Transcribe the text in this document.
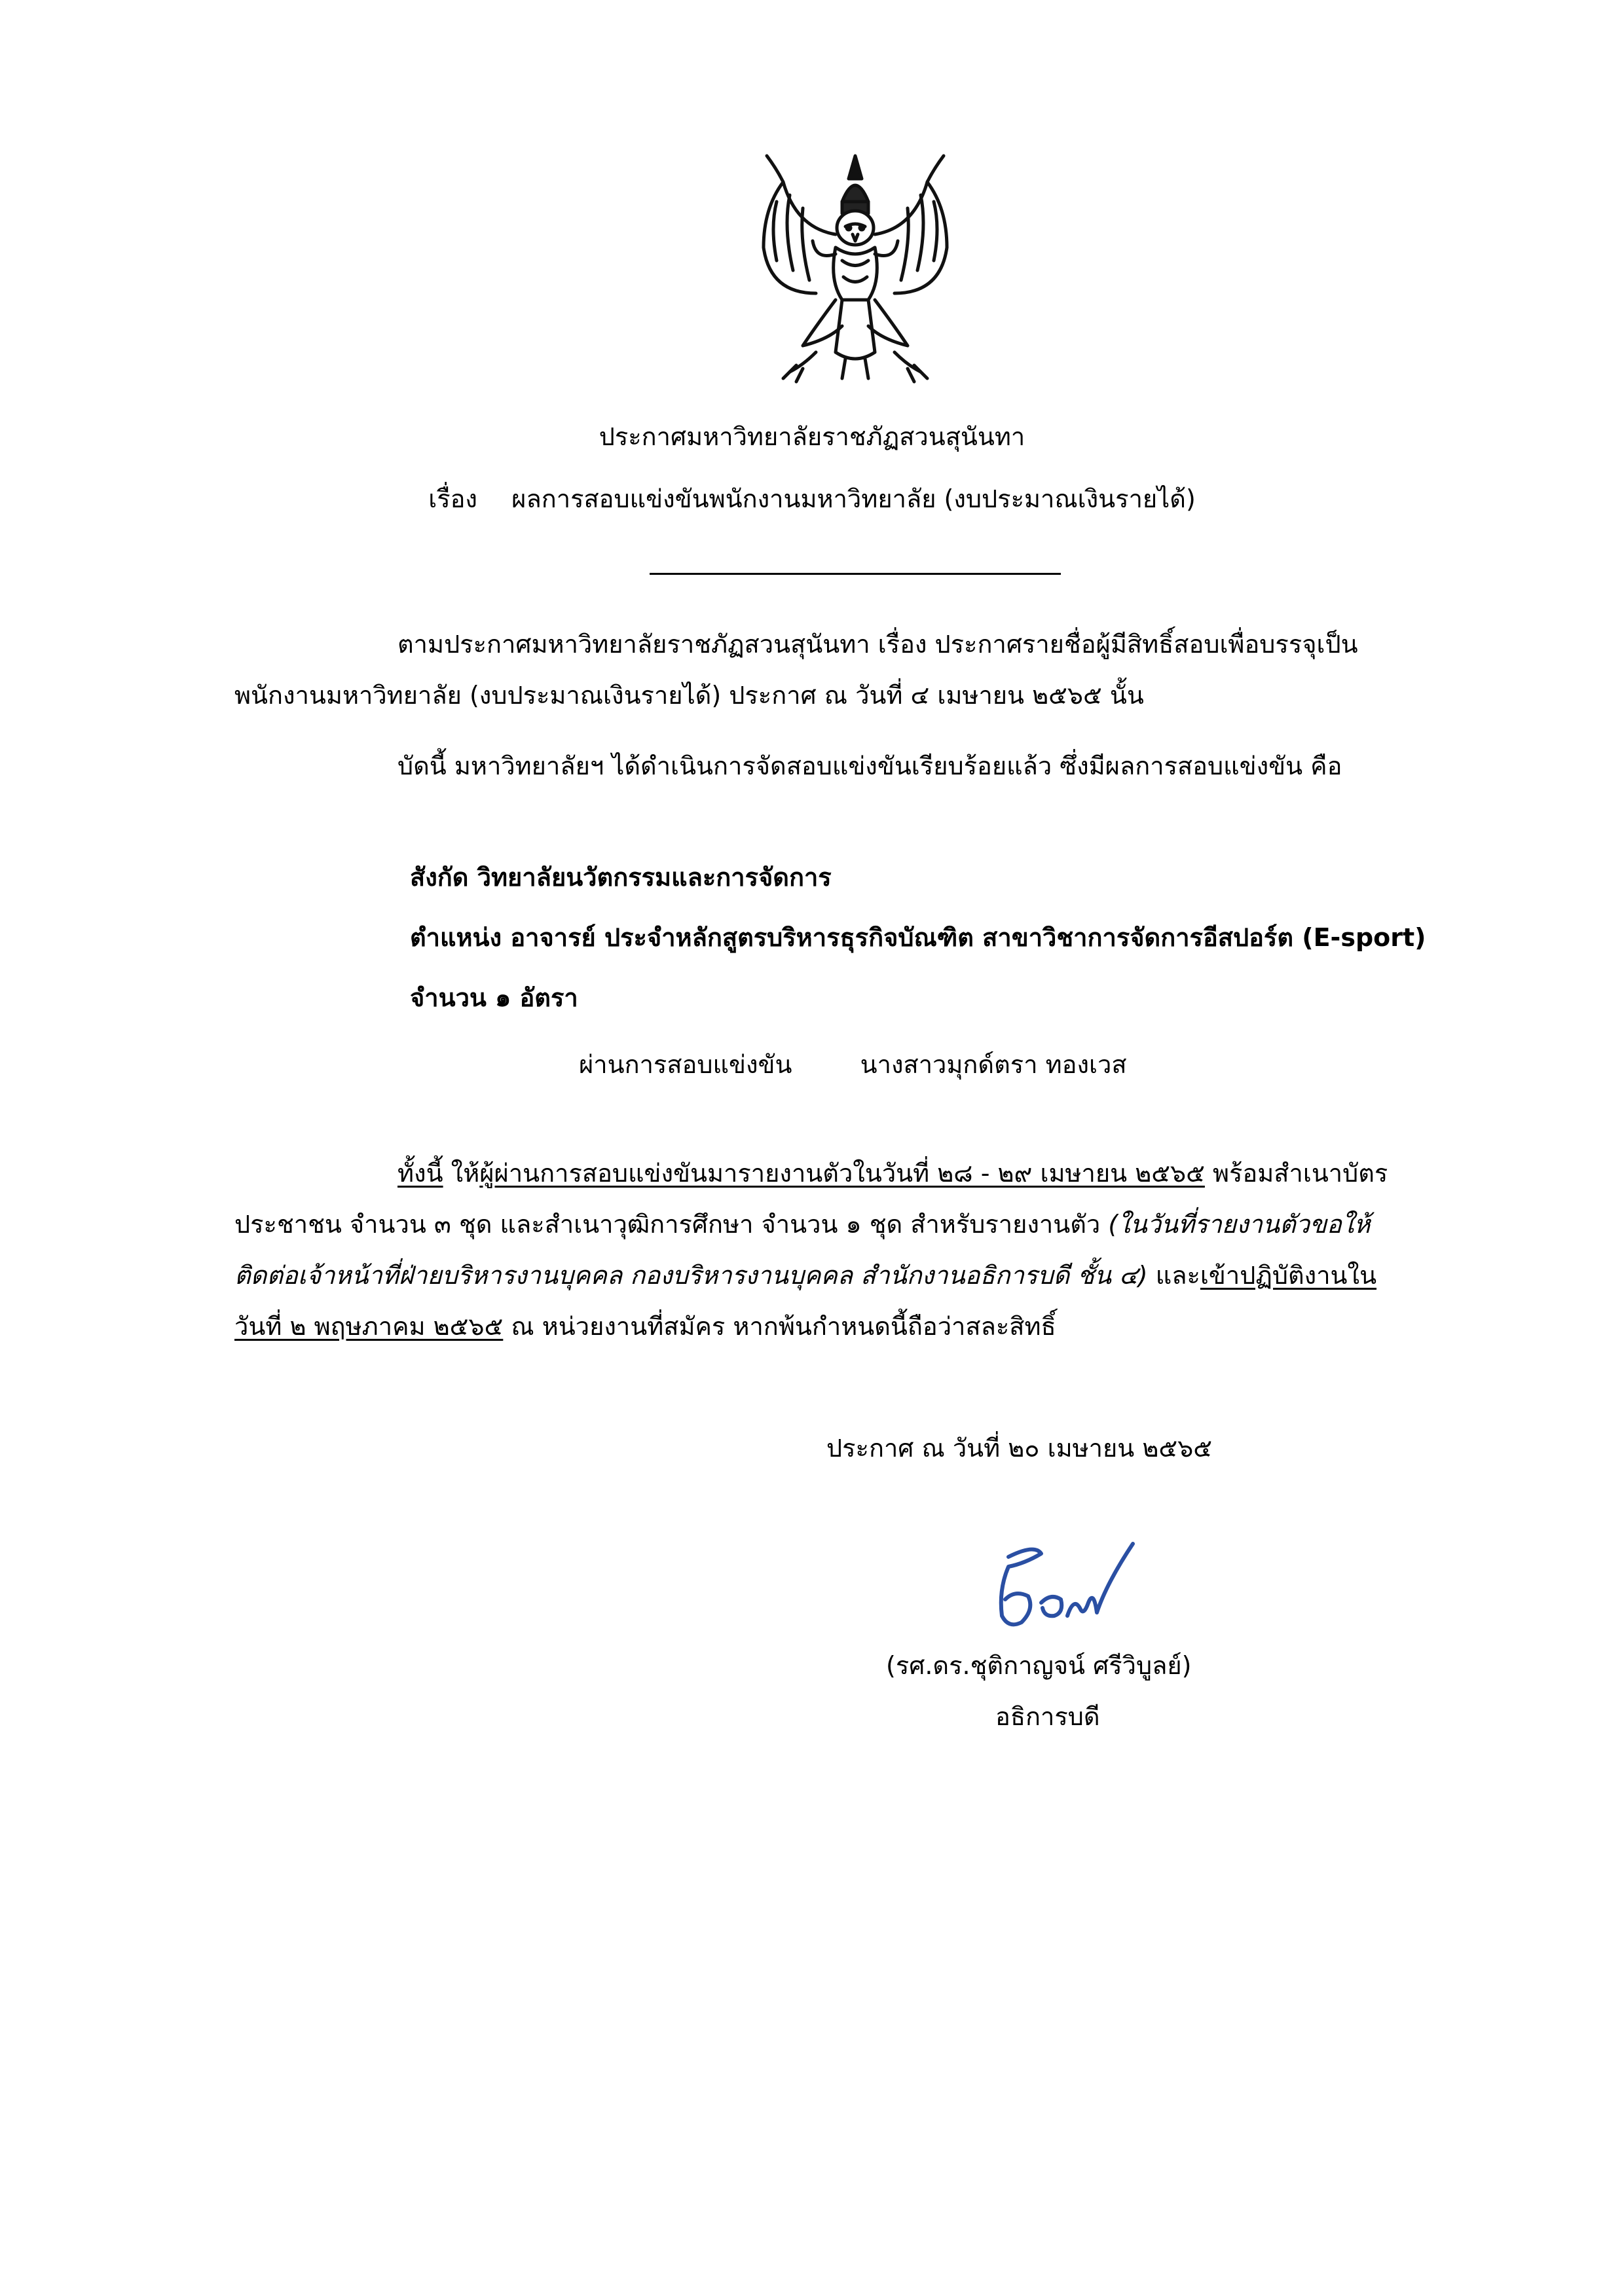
ประกาศมหาวิทยาลัยราชภัฏสวนสุนันทา
เรื่อง ผลการสอบแข่งขันพนักงานมหาวิทยาลัย (งบประมาณเงินรายได้)
ตามประกาศมหาวิทยาลัยราชภัฏสวนสุนันทา เรื่อง ประกาศรายชื่อผู้มีสิทธิ์สอบเพื่อบรรจุเป็น
พนักงานมหาวิทยาลัย (งบประมาณเงินรายได้) ประกาศ ณ วันที่ ๔ เมษายน ๒๕๖๕ นั้น
บัดนี้ มหาวิทยาลัยฯ ได้ดำเนินการจัดสอบแข่งขันเรียบร้อยแล้ว ซึ่งมีผลการสอบแข่งขัน คือ
สังกัด วิทยาลัยนวัตกรรมและการจัดการ
ตำแหน่ง อาจารย์ ประจำหลักสูตรบริหารธุรกิจบัณฑิต สาขาวิชาการจัดการอีสปอร์ต (E-sport)
จำนวน ๑ อัตรา
ผ่านการสอบแข่งขัน	นางสาวมุกด์ตรา ทองเวส
ทั้งนี้ ให้ผู้ผ่านการสอบแข่งขันมารายงานตัวในวันที่ ๒๘ - ๒๙ เมษายน ๒๕๖๕ พร้อมสำเนาบัตร
ประชาชน จำนวน ๓ ชุด และสำเนาวุฒิการศึกษา จำนวน ๑ ชุด สำหรับรายงานตัว (ในวันที่รายงานตัวขอให้
ติดต่อเจ้าหน้าที่ฝ่ายบริหารงานบุคคล กองบริหารงานบุคคล สำนักงานอธิการบดี ชั้น ๔) และเข้าปฏิบัติงานใน
วันที่ ๒ พฤษภาคม ๒๕๖๕ ณ หน่วยงานที่สมัคร หากพ้นกำหนดนี้ถือว่าสละสิทธิ์
ประกาศ ณ วันที่ ๒๐ เมษายน ๒๕๖๕
(รศ.ดร.ชุติกาญจน์ ศรีวิบูลย์)
อธิการบดี
